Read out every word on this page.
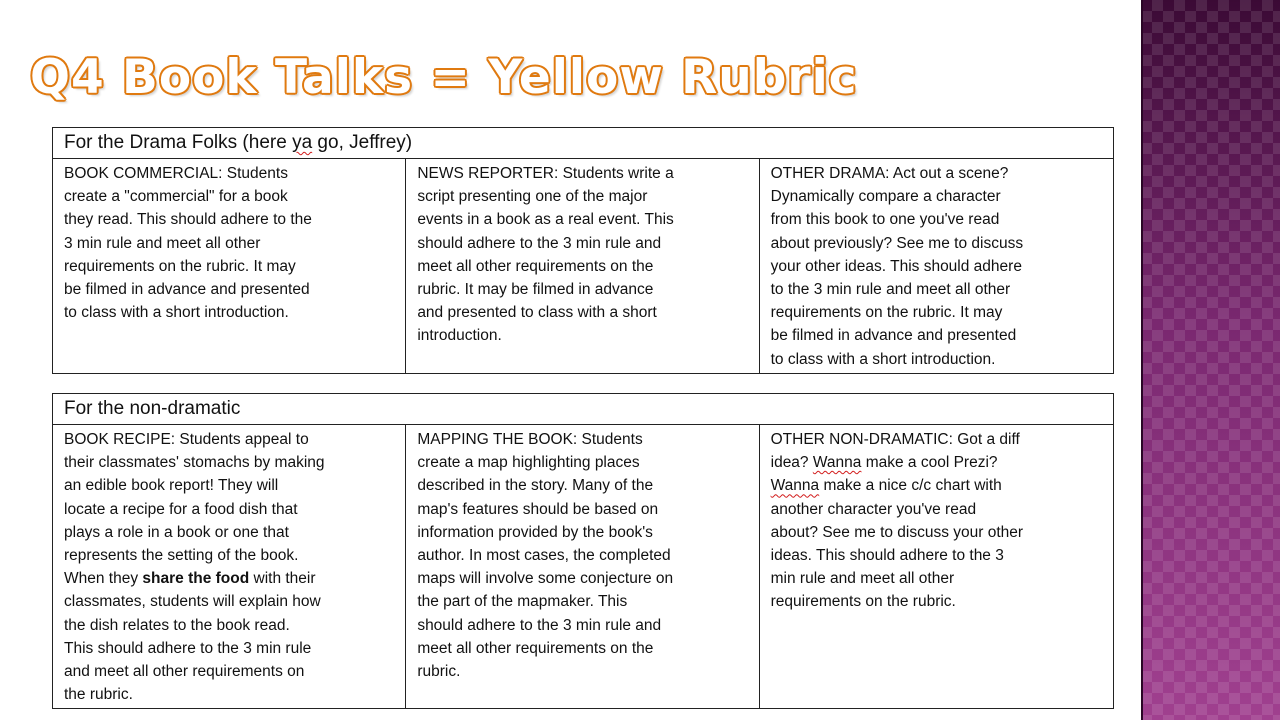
Q4 Book Talks = Yellow Rubric
For the Drama Folks (here ya go, Jeffrey)
BOOK COMMERCIAL: Students
create a "commercial" for a book
they read. This should adhere to the
3 min rule and meet all other
requirements on the rubric. It may
be filmed in advance and presented
to class with a short introduction.	NEWS REPORTER: Students write a
script presenting one of the major
events in a book as a real event. This
should adhere to the 3 min rule and
meet all other requirements on the
rubric. It may be filmed in advance
and presented to class with a short
introduction.	OTHER DRAMA: Act out a scene?
Dynamically compare a character
from this book to one you've read
about previously? See me to discuss
your other ideas. This should adhere
to the 3 min rule and meet all other
requirements on the rubric. It may
be filmed in advance and presented
to class with a short introduction.
For the non-dramatic
BOOK RECIPE: Students appeal to
their classmates' stomachs by making
an edible book report! They will
locate a recipe for a food dish that
plays a role in a book or one that
represents the setting of the book.
When they share the food with their
classmates, students will explain how
the dish relates to the book read.
This should adhere to the 3 min rule
and meet all other requirements on
the rubric.	MAPPING THE BOOK: Students
create a map highlighting places
described in the story. Many of the
map's features should be based on
information provided by the book's
author. In most cases, the completed
maps will involve some conjecture on
the part of the mapmaker. This
should adhere to the 3 min rule and
meet all other requirements on the
rubric.	OTHER NON-DRAMATIC: Got a diff
idea? Wanna make a cool Prezi?
Wanna make a nice c/c chart with
another character you've read
about? See me to discuss your other
ideas. This should adhere to the 3
min rule and meet all other
requirements on the rubric.
